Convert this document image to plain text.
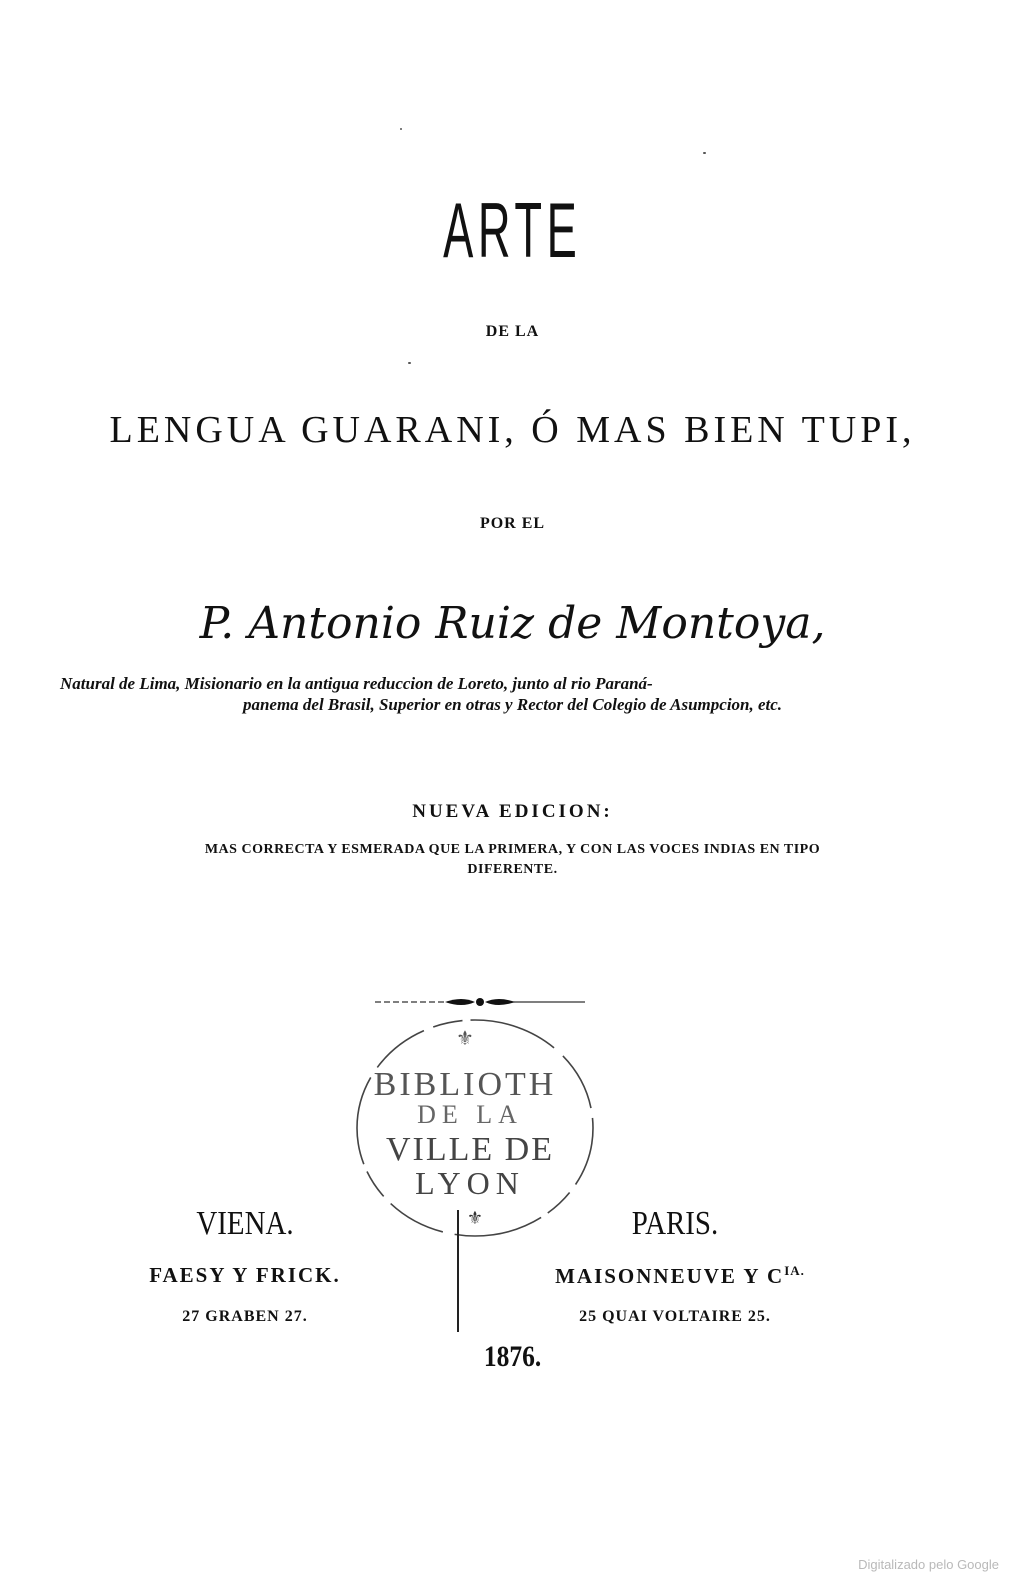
ARTE
DE LA
LENGUA GUARANI, Ó MAS BIEN TUPI,
POR EL
P. Antonio Ruiz de Montoya,
Natural de Lima, Misionario en la antigua reduccion de Loreto, junto al rio Paraná-
panema del Brasil, Superior en otras y Rector del Colegio de Asumpcion, etc.
NUEVA EDICION:
MAS CORRECTA Y ESMERADA QUE LA PRIMERA, Y CON LAS VOCES INDIAS EN TIPO
DIFERENTE.
⚜
BIBLIOTH
DE LA
VILLE DE
LYON
⚜
VIENA.	PARIS.
FAESY Y FRICK.	MAISONNEUVE Y $C^{IA.}$
27 GRABEN 27.	25 QUAI VOLTAIRE 25.
1876.
Digitalizado pelo Google
